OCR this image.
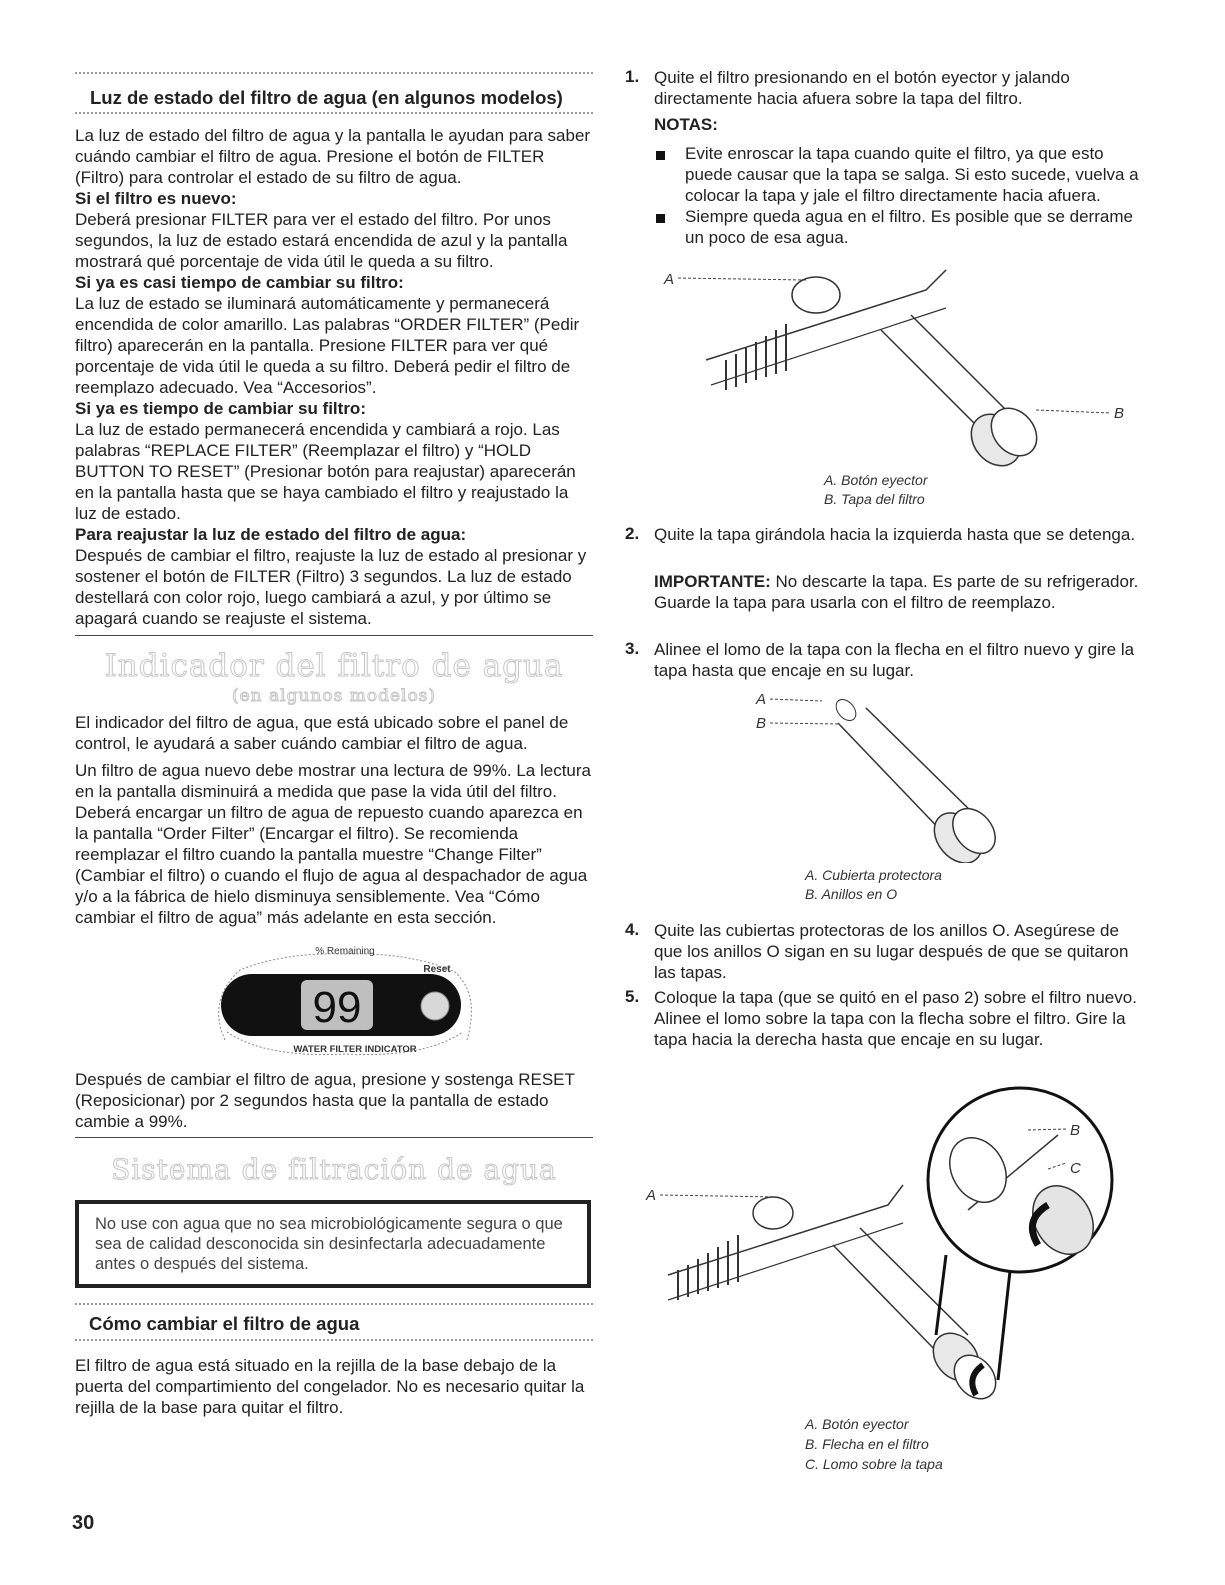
Luz de estado del filtro de agua (en algunos modelos)

La luz de estado del filtro de agua y la pantalla le ayudan para saber cuándo cambiar el filtro de agua. Presione el botón de FILTER (Filtro) para controlar el estado de su filtro de agua.

Si el filtro es nuevo:

Deberá presionar FILTER para ver el estado del filtro. Por unos segundos, la luz de estado estará encendida de azul y la pantalla mostrará qué porcentaje de vida útil le queda a su filtro.

Si ya es casi tiempo de cambiar su filtro:

La luz de estado se iluminará automáticamente y permanecerá encendida de color amarillo. Las palabras “ORDER FILTER” (Pedir filtro) aparecerán en la pantalla. Presione FILTER para ver qué porcentaje de vida útil le queda a su filtro. Deberá pedir el filtro de reemplazo adecuado. Vea “Accesorios”.

Si ya es tiempo de cambiar su filtro:

La luz de estado permanecerá encendida y cambiará a rojo. Las palabras “REPLACE FILTER” (Reemplazar el filtro) y “HOLD BUTTON TO RESET” (Presionar botón para reajustar) aparecerán en la pantalla hasta que se haya cambiado el filtro y reajustado la luz de estado.

Para reajustar la luz de estado del filtro de agua:

Después de cambiar el filtro, reajuste la luz de estado al presionar y sostener el botón de FILTER (Filtro) 3 segundos. La luz de estado destellará con color rojo, luego cambiará a azul, y por último se apagará cuando se reajuste el sistema.

Indicador del filtro de agua
(en algunos modelos)

El indicador del filtro de agua, que está ubicado sobre el panel de control, le ayudará a saber cuándo cambiar el filtro de agua.

Un filtro de agua nuevo debe mostrar una lectura de 99%. La lectura en la pantalla disminuirá a medida que pase la vida útil del filtro. Deberá encargar un filtro de agua de repuesto cuando aparezca en la pantalla “Order Filter” (Encargar el filtro). Se recomienda reemplazar el filtro cuando la pantalla muestre “Change Filter” (Cambiar el filtro) o cuando el flujo de agua al despachador de agua y/o a la fábrica de hielo disminuya sensiblemente. Vea “Cómo cambiar el filtro de agua” más adelante en esta sección.

% Remaining
Reset
99
WATER FILTER INDICATOR

Después de cambiar el filtro de agua, presione y sostenga RESET (Reposicionar) por 2 segundos hasta que la pantalla de estado cambie a 99%.

Sistema de filtración de agua
No use con agua que no sea microbiológicamente segura o que sea de calidad desconocida sin desinfectarla adecuadamente antes o después del sistema.
Cómo cambiar el filtro de agua

El filtro de agua está situado en la rejilla de la base debajo de la puerta del compartimiento del congelador. No es necesario quitar la rejilla de la base para quitar el filtro.

30
1. Quite el filtro presionando en el botón eyector y jalando directamente hacia afuera sobre la tapa del filtro.

NOTAS:

Evite enroscar la tapa cuando quite el filtro, ya que esto puede causar que la tapa se salga. Si esto sucede, vuelva a colocar la tapa y jale el filtro directamente hacia afuera.

Siempre queda agua en el filtro. Es posible que se derrame un poco de esa agua.

A
B
A. Botón eyector
B. Tapa del filtro
2. Quite la tapa girándola hacia la izquierda hasta que se detenga.

IMPORTANTE: No descarte la tapa. Es parte de su refrigerador. Guarde la tapa para usarla con el filtro de reemplazo.

3. Alinee el lomo de la tapa con la flecha en el filtro nuevo y gire la tapa hasta que encaje en su lugar.

A
B
A. Cubierta protectora
B. Anillos en O
4. Quite las cubiertas protectoras de los anillos O. Asegúrese de que los anillos O sigan en su lugar después de que se quitaron las tapas.

5. Coloque la tapa (que se quitó en el paso 2) sobre el filtro nuevo. Alinee el lomo sobre la tapa con la flecha sobre el filtro. Gire la tapa hacia la derecha hasta que encaje en su lugar.

B
C
A
A. Botón eyector
B. Flecha en el filtro
C. Lomo sobre la tapa
